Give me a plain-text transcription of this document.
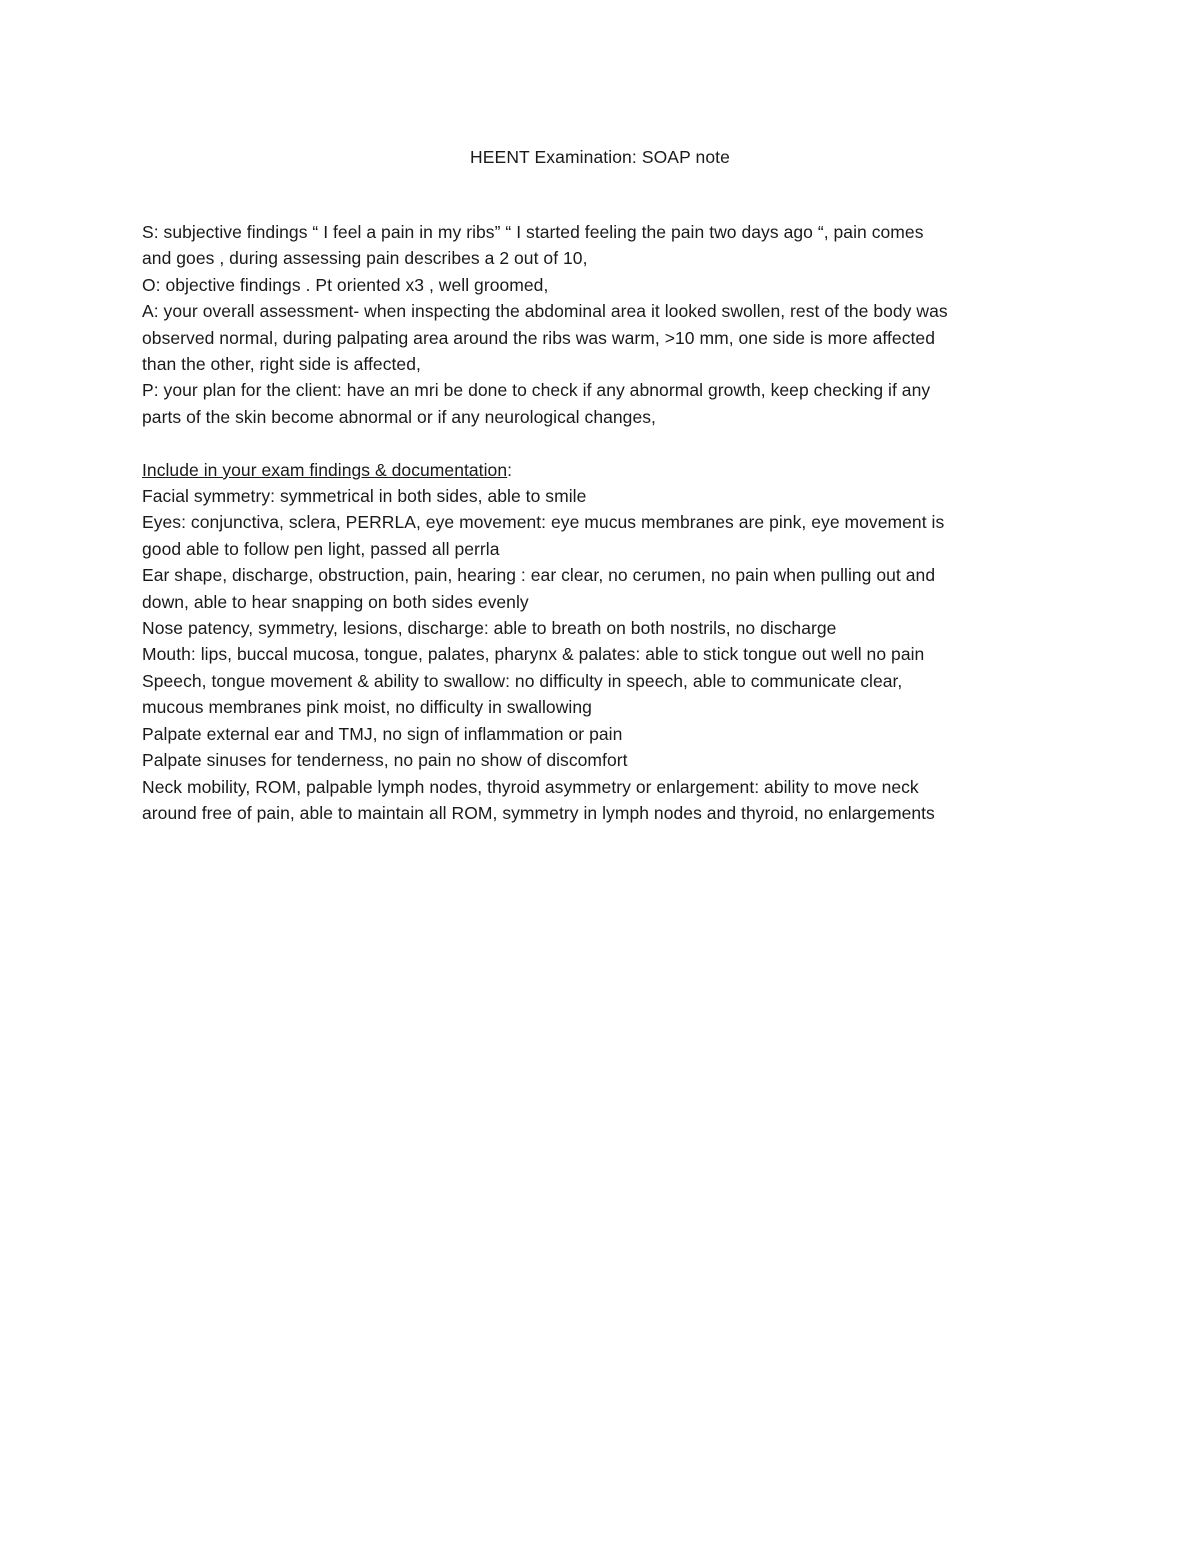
HEENT Examination: SOAP note
S: subjective findings “ I feel a pain in my ribs” “ I started feeling the pain two days ago “, pain comes
and goes , during assessing pain describes a 2 out of 10,
O: objective findings . Pt oriented x3 , well groomed,
A: your overall assessment- when inspecting the abdominal area it looked swollen, rest of the body was
observed normal, during palpating area around the ribs was warm, >10 mm, one side is more affected
than the other, right side is affected,
P: your plan for the client: have an mri be done to check if any abnormal growth, keep checking if any
parts of the skin become abnormal or if any neurological changes,
Include in your exam findings & documentation:
Facial symmetry: symmetrical in both sides, able to smile
Eyes: conjunctiva, sclera, PERRLA, eye movement: eye mucus membranes are pink, eye movement is
good able to follow pen light, passed all perrla
Ear shape, discharge, obstruction, pain, hearing : ear clear, no cerumen, no pain when pulling out and
down, able to hear snapping on both sides evenly
Nose patency, symmetry, lesions, discharge: able to breath on both nostrils, no discharge
Mouth: lips, buccal mucosa, tongue, palates, pharynx & palates: able to stick tongue out well no pain
Speech, tongue movement & ability to swallow: no difficulty in speech, able to communicate clear,
mucous membranes pink moist, no difficulty in swallowing
Palpate external ear and TMJ, no sign of inflammation or pain
Palpate sinuses for tenderness, no pain no show of discomfort
Neck mobility, ROM, palpable lymph nodes, thyroid asymmetry or enlargement: ability to move neck
around free of pain, able to maintain all ROM, symmetry in lymph nodes and thyroid, no enlargements
